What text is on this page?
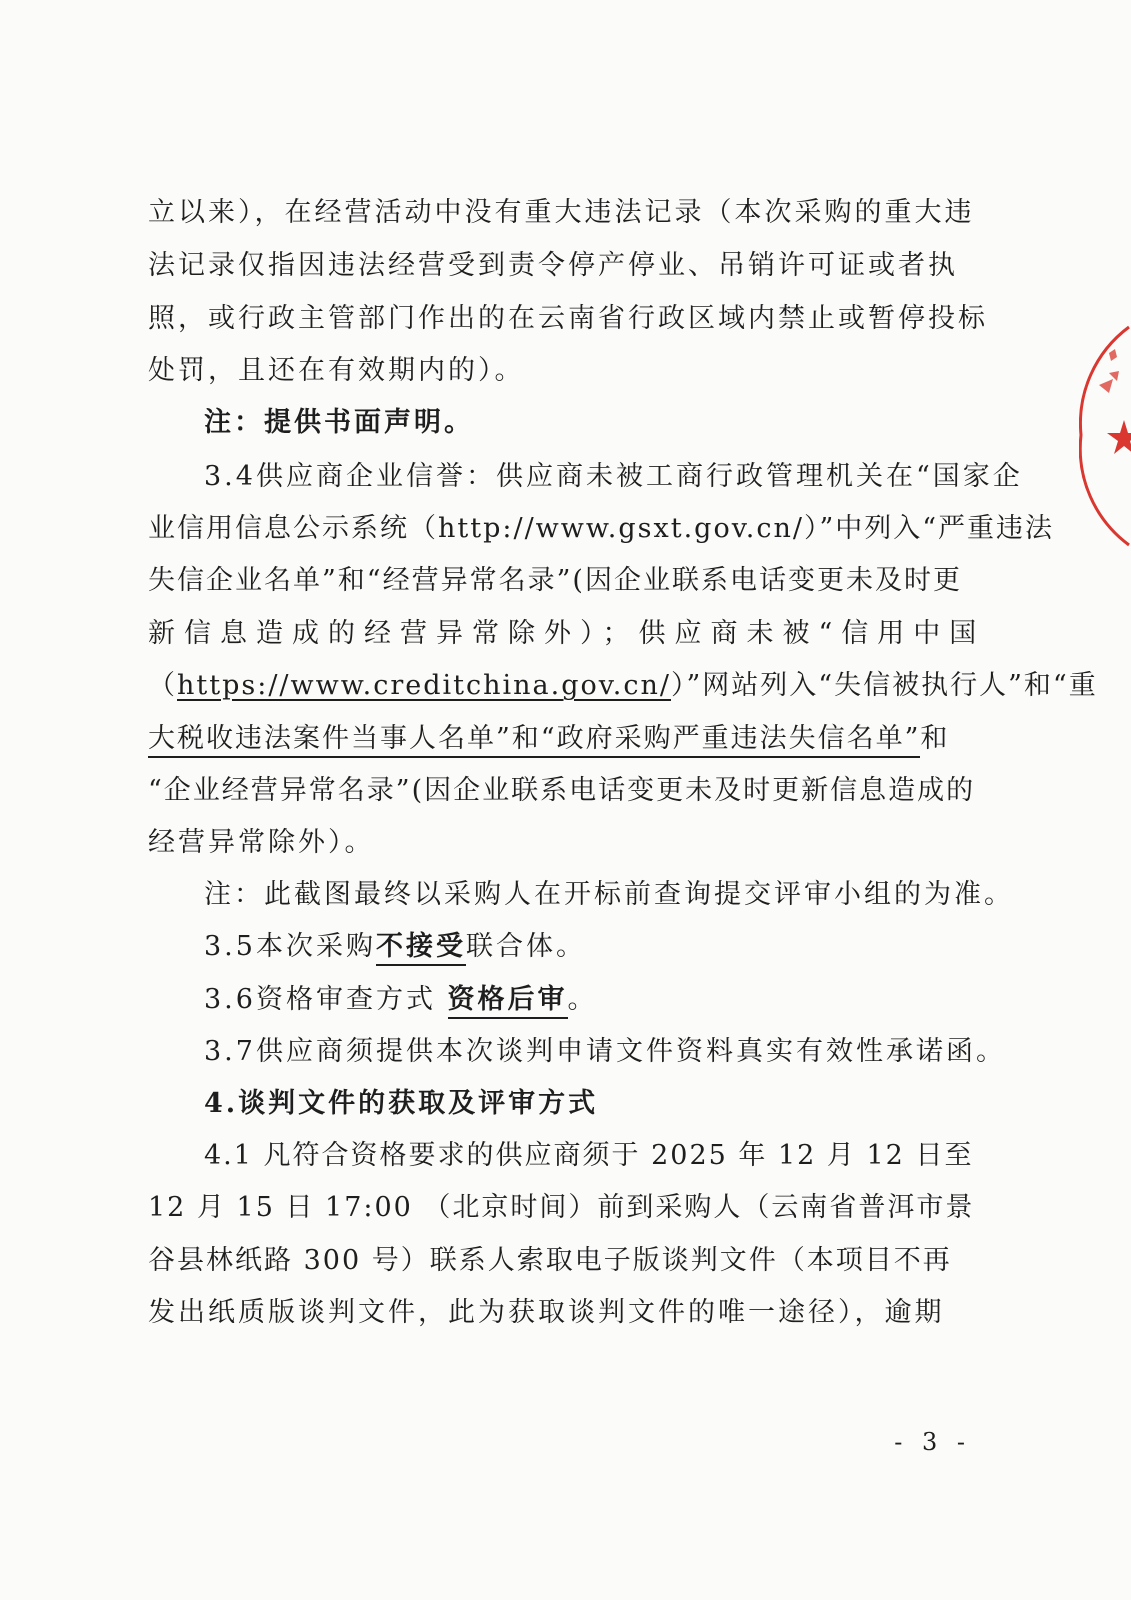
立以来），在经营活动中没有重大违法记录（本次采购的重大违
法记录仅指因违法经营受到责令停产停业、吊销许可证或者执
照，或行政主管部门作出的在云南省行政区域内禁止或暂停投标
处罚，且还在有效期内的）。
注：提供书面声明。
3.4供应商企业信誉：供应商未被工商行政管理机关在“国家企
业信用信息公示系统（http://www.gsxt.gov.cn/）”中列入“严重违法
失信企业名单”和“经营异常名录”(因企业联系电话变更未及时更
新信息造成的经营异常除外）；供应商未被“信用中国
（https://www.creditchina.gov.cn/）”网站列入“失信被执行人”和“重
大税收违法案件当事人名单”和“政府采购严重违法失信名单”和
“企业经营异常名录”(因企业联系电话变更未及时更新信息造成的
经营异常除外）。
注：此截图最终以采购人在开标前查询提交评审小组的为准。
3.5本次采购不接受联合体。
3.6资格审查方式 资格后审。
3.7供应商须提供本次谈判申请文件资料真实有效性承诺函。
4.谈判文件的获取及评审方式
4.1 凡符合资格要求的供应商须于 2025 年 12 月 12 日至
12 月 15 日 17:00 （北京时间）前到采购人（云南省普洱市景
谷县林纸路 300 号）联系人索取电子版谈判文件（本项目不再
发出纸质版谈判文件，此为获取谈判文件的唯一途径），逾期
- 3 -
